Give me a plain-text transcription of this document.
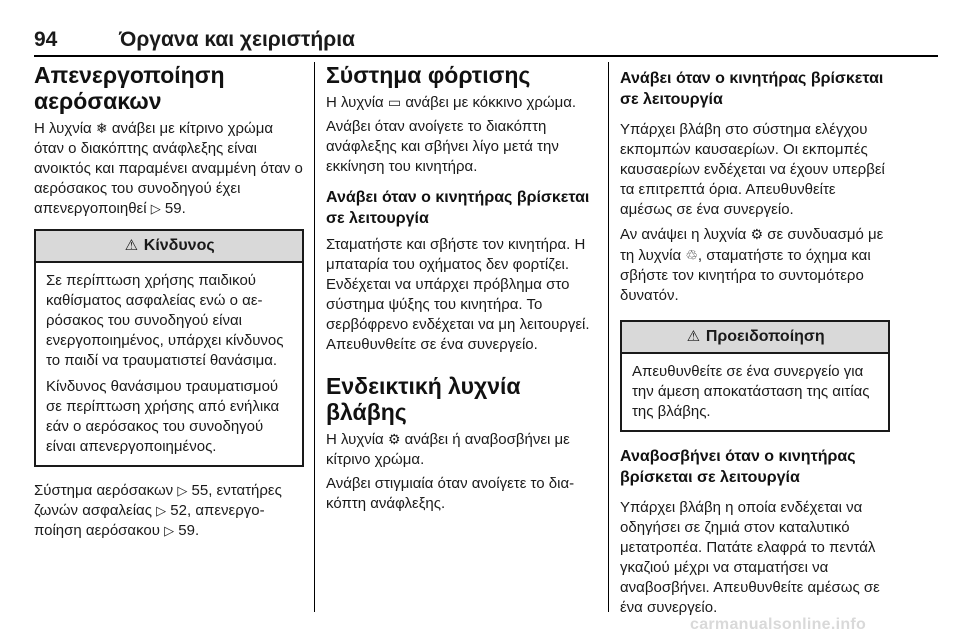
94	Όργανα και χειριστήρια
Απενεργοποίηση αερόσακων

Η λυχνία ❄︎ ανάβει με κίτρινο χρώμα όταν ο διακόπτης ανάφλεξης είναι ανοικτός και παραμένει αναμμένη όταν ο αερόσακος του συνοδηγού έχει απενεργοποιηθεί ▷ 59.

⚠︎ Κίνδυνος

Σε περίπτωση χρήσης παιδικού καθίσματος ασφαλείας ενώ ο αερόσακος του συνοδηγού είναι ενεργοποιημένος, υπάρχει κίνδυνος το παιδί να τραυματιστεί θανάσιμα.

Κίνδυνος θανάσιμου τραυματισμού σε περίπτωση χρήσης από ενήλικα εάν ο αερόσακος του συνοδηγού είναι απενεργοποιημένος.

Σύστημα αερόσακων ▷ 55, εντατήρες ζωνών ασφαλείας ▷ 52, απενεργοποίηση αερόσακου ▷ 59.

Σύστημα φόρτισης

Η λυχνία ▭ ανάβει με κόκκινο χρώμα.

Ανάβει όταν ανοίγετε το διακόπτη ανάφλεξης και σβήνει λίγο μετά την εκκίνηση του κινητήρα.

Ανάβει όταν ο κινητήρας βρίσκεται σε λειτουργία

Σταματήστε και σβήστε τον κινητήρα. Η μπαταρία του οχήματος δεν φορτίζει. Ενδέχεται να υπάρχει πρόβλημα στο σύστημα ψύξης του κινητήρα. Το σερβόφρενο ενδέχεται να μη λειτουργεί. Απευθυνθείτε σε ένα συνεργείο.

Ενδεικτική λυχνία βλάβης

Η λυχνία ⚙︎ ανάβει ή αναβοσβήνει με κίτρινο χρώμα.

Ανάβει στιγμιαία όταν ανοίγετε το διακόπτη ανάφλεξης.

Ανάβει όταν ο κινητήρας βρίσκεται σε λειτουργία

Υπάρχει βλάβη στο σύστημα ελέγχου εκπομπών καυσαερίων. Οι εκπομπές καυσαερίων ενδέχεται να έχουν υπερβεί τα επιτρεπτά όρια. Απευθυνθείτε αμέσως σε ένα συνεργείο.

Αν ανάψει η λυχνία ⚙︎ σε συνδυασμό με τη λυχνία ♲︎, σταματήστε το όχημα και σβήστε τον κινητήρα το συντομότερο δυνατόν.

⚠︎ Προειδοποίηση

Απευθυνθείτε σε ένα συνεργείο για την άμεση αποκατάσταση της αιτίας της βλάβης.

Αναβοσβήνει όταν ο κινητήρας βρίσκεται σε λειτουργία

Υπάρχει βλάβη η οποία ενδέχεται να οδηγήσει σε ζημιά στον καταλυτικό μετατροπέα. Πατάτε ελαφρά το πεντάλ γκαζιού μέχρι να σταματήσει να αναβοσβήνει. Απευθυνθείτε αμέσως σε ένα συνεργείο.

carmanualsonline.info
